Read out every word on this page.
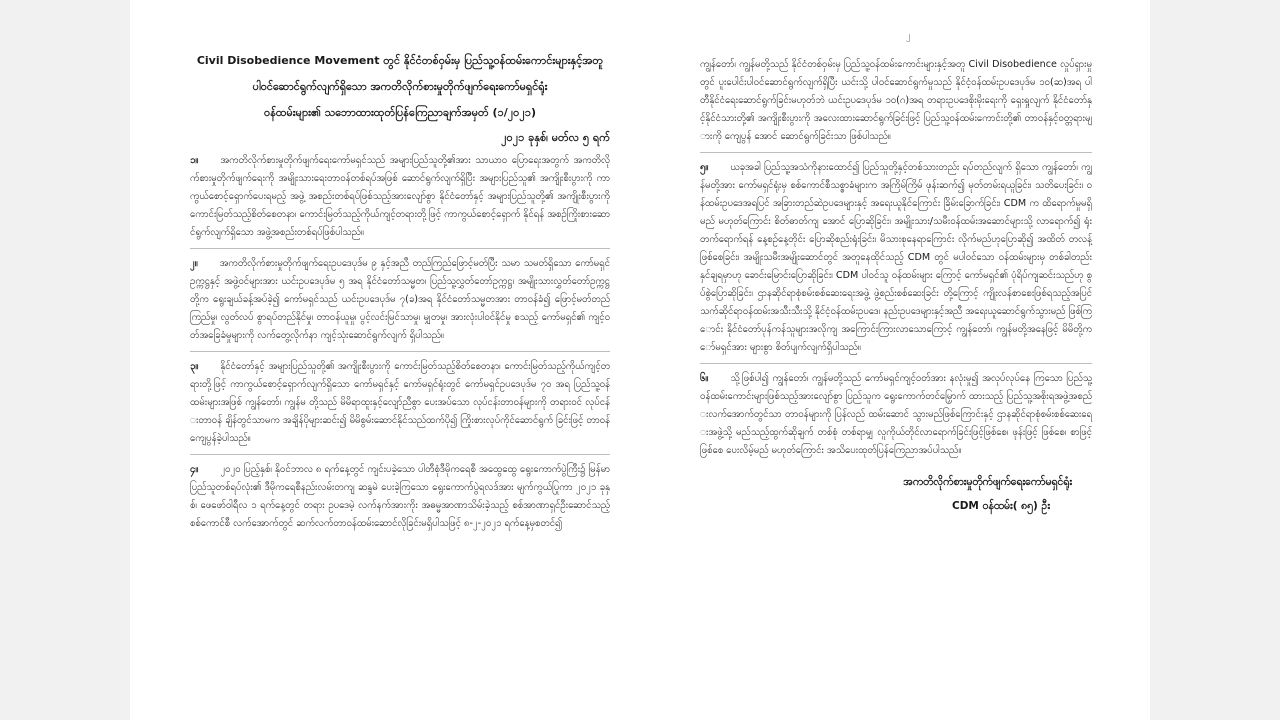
၂
Civil Disobedience Movement တွင် နိုင်ငံတစ်ဝှမ်းမှ ပြည်သူ့ဝန်ထမ်းကောင်းများနှင့်အတူ
ပါဝင်ဆောင်ရွက်လျက်ရှိသော အကတိလိုက်စားမှုတိုက်ဖျက်ရေးကော်မရှင်ရုံး
ဝန်ထမ်းများ၏ သဘောထားထုတ်ပြန်ကြေညာချက်အမှတ် (၁/၂၀၂၁)
၂၀၂၁ ခုနှစ်၊ မတ်လ ၅ ရက်

၁။ အကတိလိုက်စားမှုတိုက်ဖျက်ရေးကော်မရှင်သည် အများပြည်သူတို့၏အား သာယာဝ ပြောရေးအတွက် အကတိလိုက်စားမှုတိုက်ဖျက်ရေးကို အမျိုးသားရေးတာဝန်တစ်ရပ်အဖြစ် ဆောင်ရွက်လျက်ရှိပြီး အများပြည်သူ၏ အကျိုးစီးပွားကို ကာကွယ်စောင့်ရှောက်ပေးရမည့် အဖွဲ့ အစည်းတစ်ရပ်ဖြစ်သည့်အားလျော်စွာ နိုင်ငံတော်နှင့် အများပြည်သူတို့၏ အကျိုးစီးပွားကို ကောင်းမြတ်သည့်စိတ်စေတနာ၊ ကောင်းမြတ်သည့်ကိုယ်ကျင့်တရားတို့ဖြင့် ကာကွယ်စောင့်ရှောက် နိုင်ရန် အစဉ်ကြိုးစားဆောင်ရွက်လျက်ရှိသော အဖွဲ့အစည်းတစ်ရပ်ဖြစ်ပါသည်။

၂။ အကတိလိုက်စားမှုတိုက်ဖျက်ရေးဥပဒေပုဒ်မ ၉ နှင့်အညီ တည်ကြည်ဖြောင့်မတ်ပြီး သမာ သမတ်ရှိသော ကော်မရှင်ဥက္ကဋ္ဌနှင့် အဖွဲ့ဝင်များအား ယင်းဥပဒေပုဒ်မ ၅ အရ နိုင်ငံတော်သမ္မတ၊ ပြည်သူ့လွှတ်တော်ဥက္ကဋ္ဌ၊ အမျိုးသားလွှတ်တော်ဥက္ကဋ္ဌတို့က ရွေးချယ်ခန့်အပ်ခဲ့၍ ကော်မရှင်သည် ယင်းဥပဒေပုဒ်မ ၇(ခ)အရ နိုင်ငံတော်သမ္မတအား တာဝန်ခံ၍ ဖြောင့်မတ်တည်ကြည်မှု၊ လွတ်လပ် စွာရပ်တည်နိုင်မှု၊ တာဝန်ယူမှု၊ ပွင့်လင်းမြင်သာမှု၊ မျှတမှု၊ အားလုံးပါဝင်နိုင်မှု စသည့် ကော်မရှင်၏ ကျင့်ဝတ်အခြေခံမှုများကို လက်တွေ့လိုက်နာ ကျင့်သုံးဆောင်ရွက်လျက် ရှိပါသည်။

၃။ နိုင်ငံတော်နှင့် အများပြည်သူတို့၏ အကျိုးစီးပွားကို ကောင်းမြတ်သည့်စိတ်စေတနာ၊ ကောင်းမြတ်သည့်ကိုယ်ကျင့်တရားတို့ဖြင့် ကာကွယ်စောင့်ရှောက်လျက်ရှိသော ကော်မရှင်နှင့် ကော်မရှင်ရုံးတွင် ကော်မရှင်ဥပဒေပုဒ်မ ၇၀ အရ ပြည်သူ့ဝန်ထမ်းများအဖြစ် ကျွန်တော်၊ ကျွန်မ တို့သည် မိမိရာထူးနှင့်လျော်ညီစွာ ပေးအပ်သော လုပ်ငန်းတာဝန်များကို တရားဝင် လုပ်ငန်းတာဝန် ချိန်တွင်သာမက အချိန်ပိုများဆင်း၍ မိမိစွမ်းဆောင်နိုင်သည်ထက်ပို၍ ကြိုးစားလုပ်ကိုင်ဆောင်ရွက် ခြင်းဖြင့် တာဝန်ကျေပွန်ခဲ့ပါသည်။

၄။ ၂၀၂၀ ပြည့်နှစ်၊ နိုဝင်ဘာလ ၈ ရက်နေ့တွင် ကျင်းပခဲ့သော ပါတီစုံဒီမိုကရေစီ အထွေထွေ ရွေးကောက်ပွဲကြီး၌ မြန်မာပြည်သူတစ်ရပ်လုံး၏ ဒီမိုကရေစီနည်းလမ်းတကျ ဆန္ဒမဲ ပေးခဲ့ကြသော ရွေးကောက်ပွဲရလဒ်အား မျက်ကွယ်ပြုကာ ၂၀၂၁ ခုနှစ်၊ ဖေဖော်ဝါရီလ ၁ ရက်နေ့တွင် တရား ဥပဒေမဲ့ လက်နက်အားကိုး အဓမ္မအာဏာသိမ်းခဲ့သည့် စစ်အာဏာရှင်ဦးဆောင်သည့် စစ်ကောင်စီ လက်အောက်တွင် ဆက်လက်တာဝန်ထမ်းဆောင်လိုခြင်းမရှိပါသဖြင့် ၈-၂-၂၀၂၁ ရက်နေ့မှစတင်၍

ကျွန်တော်၊ ကျွန်မတို့သည် နိုင်ငံတစ်ဝှမ်းမှ ပြည်သူ့ဝန်ထမ်းကောင်းများနှင့်အတူ Civil Disobedience လှုပ်ရှားမှုတွင် ပူးပေါင်းပါဝင်ဆောင်ရွက်လျက်ရှိပြီး ယင်းသို့ ပါဝင်ဆောင်ရွက်မှုသည် နိုင်ငံ့ဝန်ထမ်းဥပဒေပုဒ်မ ၁၀(ဆ)အရ ပါတီနိုင်ငံရေးဆောင်ရွက်ခြင်းမဟုတ်ဘဲ ယင်းဥပဒေပုဒ်မ ၁၀(ဂ)အရ တရားဥပဒေစိုးမိုးရေးကို ရှေးရှုလျက် နိုင်ငံတော်နှင့်နိုင်ငံသားတို့၏ အကျိုးစီးပွားကို အလေးထားဆောင်ရွက်ခြင်းဖြင့် ပြည်သူ့ဝန်ထမ်းကောင်းတို့၏ တာဝန်နှင့်ဝတ္တရားများကို ကျေပွန် အောင် ဆောင်ရွက်ခြင်းသာ ဖြစ်ပါသည်။

၅။ ယခုအခါ ပြည်သူ့အသံကိုနားထောင်၍ ပြည်သူတို့နှင့်တစ်သားတည်း ရပ်တည်လျက် ရှိသော ကျွန်တော်၊ ကျွန်မတို့အား ကော်မရှင်ရုံးမှ စစ်ကောင်စီသစ္စာခံများက အကြိမ်ကြိမ် ဖုန်းဆက်၍ မုတ်တမ်းရယူခြင်း၊ သတိပေးခြင်း၊ ဝန်ထမ်းဥပဒေအရပြင် အခြားတည်ဆဲဥပဒေများနှင့် အရေးယူနိုင်ကြောင်း ခြိမ်းခြောက်ခြင်း၊ CDM က ထိရောက်မှုမရှိမည် မဟုတ်ကြောင်း စိတ်ဓာတ်ကျ အောင် ပြောဆိုခြင်း၊ အမျိုးသား/သမီးဝန်ထမ်းအဆောင်များသို့ လာရောက်၍ ရုံးတက်ရောက်ရန် နေ့စဉ်နေ့တိုင်း ပြောဆိုစည်းရုံးခြင်း၊ မိသားစုနေရာကြောင်း လိုက်မည်ဟုပြောဆို၍ အထိတ် တလန့်ဖြစ်စေခြင်း၊ အမျိုးသမီးအမျိုးဆောင်တွင် အတူနေထိုင်သည့် CDM တွင် မပါဝင်သော ဝန်ထမ်းများမှ တစ်ခါတည်း နှင်ချရမှာဟု ခောင်းမြောင်းပြောဆိုခြင်း၊ CDM ပါဝင်သူ ဝန်ထမ်းများ ကြောင့် ကော်မရှင်၏ ပုံရိပ်ကျဆင်းသည်ဟု စွပ်စွဲပြောဆိုခြင်း၊ ဌာနဆိုင်ရာစုံစမ်းစစ်ဆေးရေးအဖွဲ့ ဖွဲ့စည်းစစ်ဆေးခြင်း တို့ကြောင့် ကျိုးလန်စာစေးဖြစ်ရသည့်အပြင် သက်ဆိုင်ရာဝန်ထမ်းအသီးသီးသို့ နိုင်ငံ့ဝန်ထမ်းဥပဒေ၊ နည်းဥပဒေများနှင့်အညီ အရေးယူဆောင်ရွက်သွားမည် ဖြစ်ကြောင်း နိုင်ငံတော်ပုန်ကန်သူများအလိုကျ အကြောင်းကြားလာသောကြောင့် ကျွန်တော်၊ ကျွန်မတို့အနေဖြင့် မိမိတို့ကော်မရှင်အား များစွာ စိတ်ပျက်လျက်ရှိပါသည်။

၆။ သို့ဖြစ်ပါ၍ ကျွန်တော်၊ ကျွန်မတို့သည် ကော်မရှင်ကျင့်ဝတ်အား နလုံးမှု၍ အလုပ်လုပ်နေ ကြသော ပြည်သူ့ဝန်ထမ်းကောင်းများဖြစ်သည့်အားလျော်စွာ ပြည်သူက ရွေးကောက်တင်မြှောက် ထားသည့် ပြည်သူ့အစိုးရအဖွဲ့အစည်းလက်အောက်တွင်သာ တာဝန်များကို ပြန်လည် ထမ်းဆောင် သွားမည်ဖြစ်ကြောင်းနှင့် ဌာနဆိုင်ရာစုံစမ်းစစ်ဆေးရေးအဖွဲ့သို့ မည်သည့်ထွက်ဆိုချက် တစ်စုံ တစ်ရာမျှ လူကိုယ်တိုင်လာရောက်ခြင်းဖြင့်ဖြစ်စေ၊ ဖုန်းဖြင့် ဖြစ်စေ၊ စာဖြင့် ဖြစ်စေ ပေးလိမ့်မည် မဟုတ်ကြောင်း အသိပေးထုတ်ပြန်ကြေညာအပ်ပါသည်။

အကတိလိုက်စားမှုတိုက်ဖျက်ရေးကော်မရှင်ရုံး
CDM ဝန်ထမ်း( ၈၅) ဦး
